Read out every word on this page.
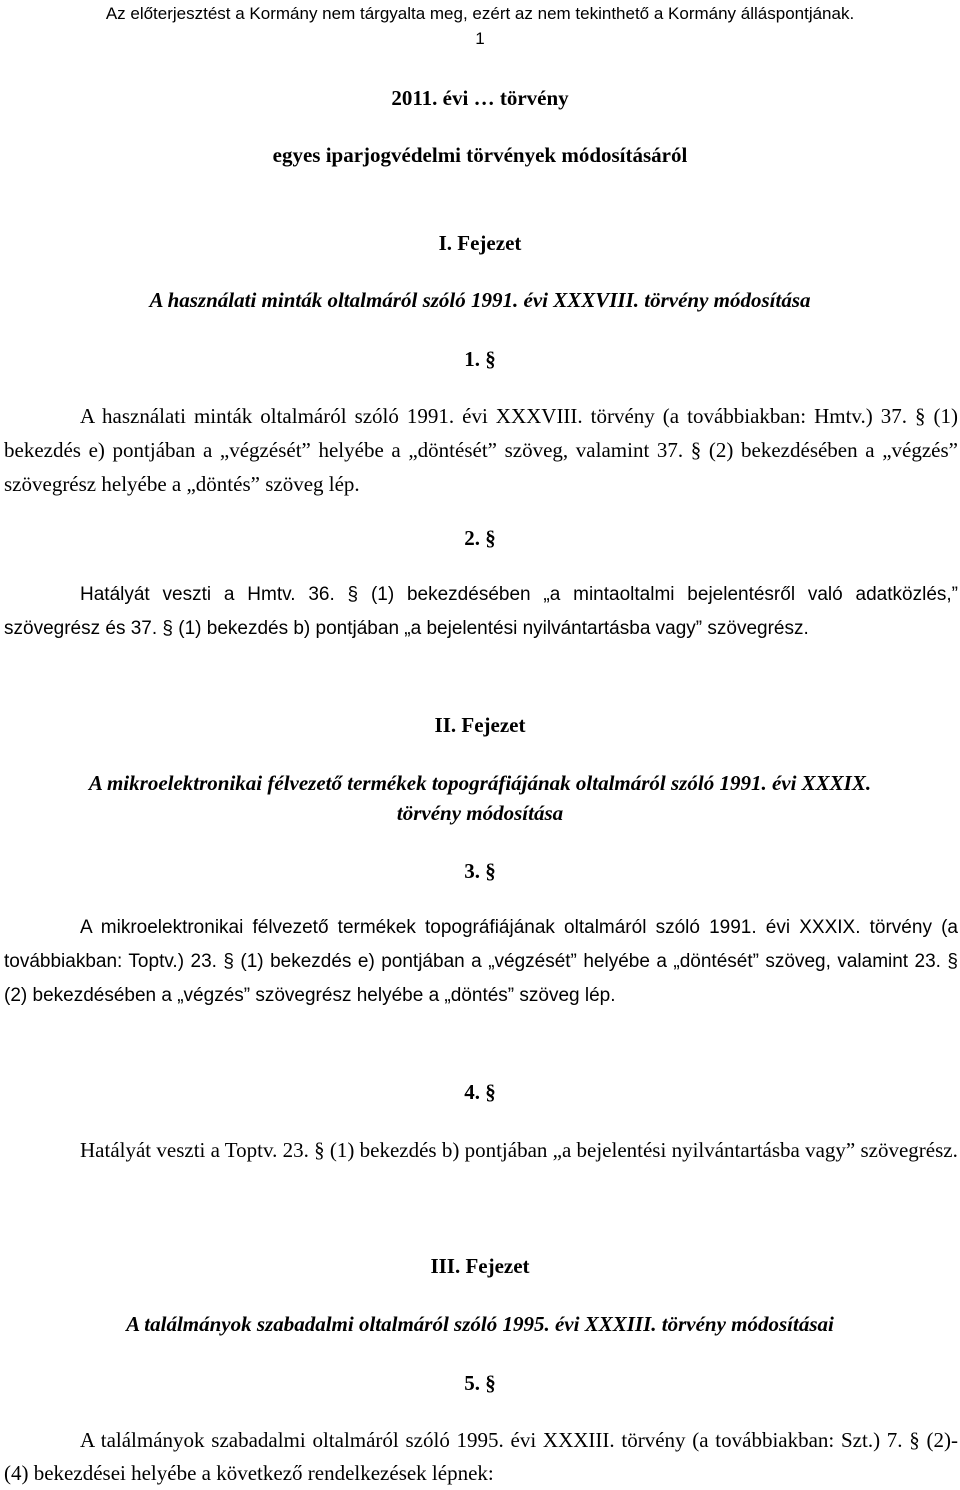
Az előterjesztést a Kormány nem tárgyalta meg, ezért az nem tekinthető a Kormány álláspontjának.
1
2011. évi … törvény
egyes iparjogvédelmi törvények módosításáról
I. Fejezet
A használati minták oltalmáról szóló 1991. évi XXXVIII. törvény módosítása
1. §

A használati minták oltalmáról szóló 1991. évi XXXVIII. törvény (a továbbiakban: Hmtv.) 37. § (1) bekezdés e) pontjában a „végzését” helyébe a „döntését” szöveg, valamint 37. § (2) bekezdésében a „végzés” szövegrész helyébe a „döntés” szöveg lép.

2. §

Hatályát veszti a Hmtv. 36. § (1) bekezdésében „a mintaoltalmi bejelentésről való adatközlés,” szövegrész és 37. § (1) bekezdés b) pontjában „a bejelentési nyilvántartásba vagy” szövegrész.

II. Fejezet
A mikroelektronikai félvezető termékek topográfiájának oltalmáról szóló 1991. évi XXXIX.
törvény módosítása
3. §

A mikroelektronikai félvezető termékek topográfiájának oltalmáról szóló 1991. évi XXXIX. törvény (a továbbiakban: Toptv.) 23. § (1) bekezdés e) pontjában a „végzését” helyébe a „döntését” szöveg, valamint 23. § (2) bekezdésében a „végzés” szövegrész helyébe a „döntés” szöveg lép.

4. §

Hatályát veszti a Toptv. 23. § (1) bekezdés b) pontjában „a bejelentési nyilvántartásba vagy” szövegrész.

III. Fejezet
A találmányok szabadalmi oltalmáról szóló 1995. évi XXXIII. törvény módosításai
5. §

A találmányok szabadalmi oltalmáról szóló 1995. évi XXXIII. törvény (a továbbiakban: Szt.) 7. § (2)-(4) bekezdései helyébe a következő rendelkezések lépnek:
